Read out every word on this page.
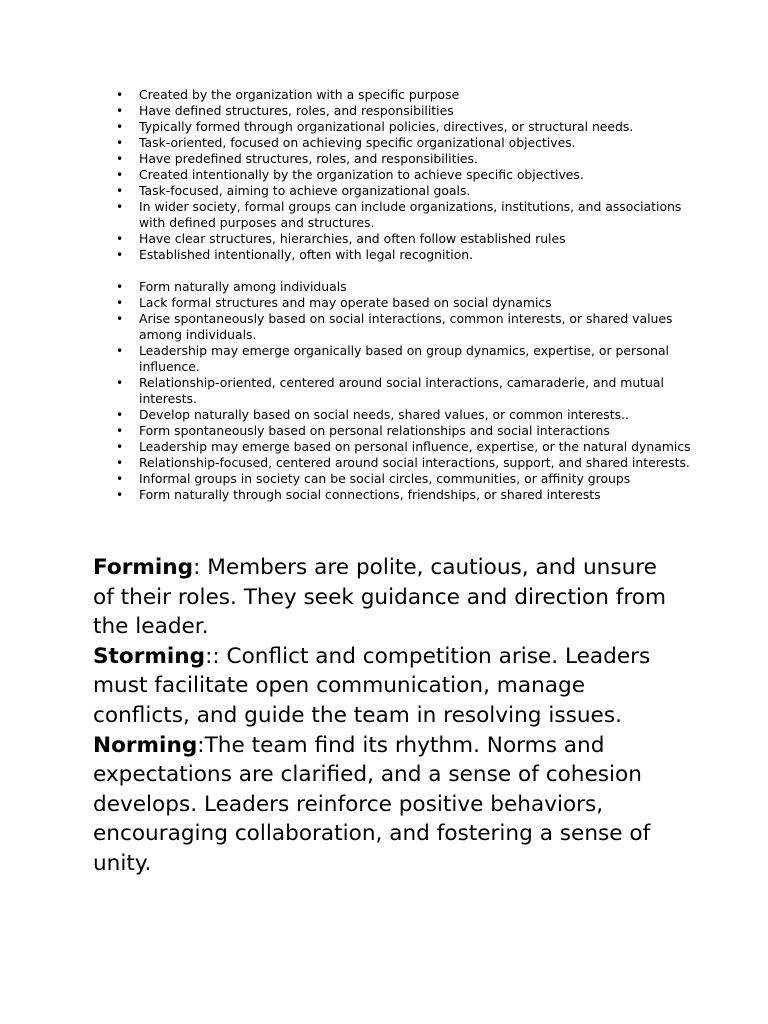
• Created by the organization with a specific purpose
• Have defined structures, roles, and responsibilities
• Typically formed through organizational policies, directives, or structural needs.
• Task-oriented, focused on achieving specific organizational objectives.
• Have predefined structures, roles, and responsibilities.
• Created intentionally by the organization to achieve specific objectives.
• Task-focused, aiming to achieve organizational goals.
• In wider society, formal groups can include organizations, institutions, and associations with defined purposes and structures.
• Have clear structures, hierarchies, and often follow established rules
• Established intentionally, often with legal recognition.
• Form naturally among individuals
• Lack formal structures and may operate based on social dynamics
• Arise spontaneously based on social interactions, common interests, or shared values among individuals.
• Leadership may emerge organically based on group dynamics, expertise, or personal influence.
• Relationship-oriented, centered around social interactions, camaraderie, and mutual interests.
• Develop naturally based on social needs, shared values, or common interests..
• Form spontaneously based on personal relationships and social interactions
• Leadership may emerge based on personal influence, expertise, or the natural dynamics
• Relationship-focused, centered around social interactions, support, and shared interests.
• Informal groups in society can be social circles, communities, or affinity groups
• Form naturally through social connections, friendships, or shared interests

Forming: Members are polite, cautious, and unsure of their roles. They seek guidance and direction from the leader.

Storming:: Conflict and competition arise. Leaders must facilitate open communication, manage conflicts, and guide the team in resolving issues.

Norming:The team find its rhythm. Norms and expectations are clarified, and a sense of cohesion develops. Leaders reinforce positive behaviors, encouraging collaboration, and fostering a sense of unity.
